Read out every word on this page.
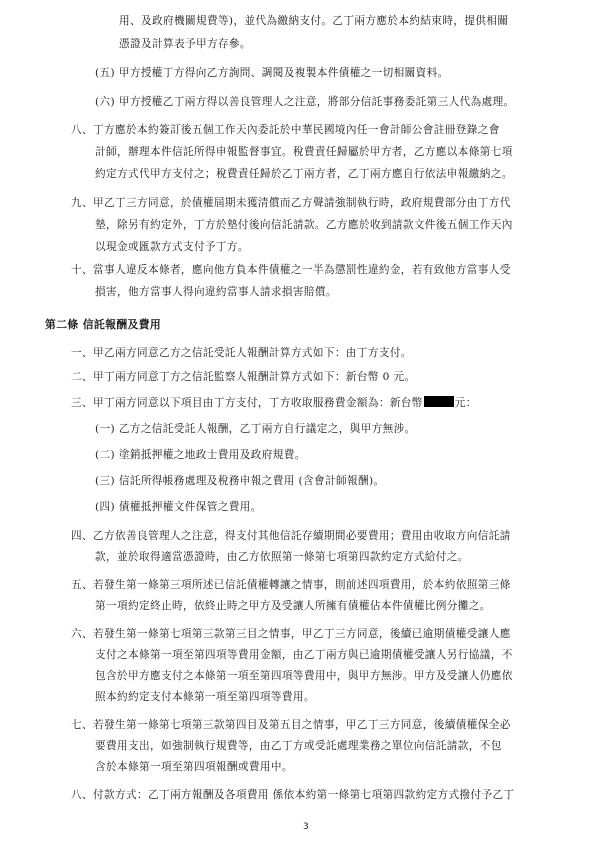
用、及政府機關規費等)，並代為繳納支付。乙丁兩方應於本約結束時，提供相關
憑證及計算表予甲方存參。
(五) 甲方授權丁方得向乙方詢問、調閱及複製本件債權之一切相關資料。
(六) 甲方授權乙丁兩方得以善良管理人之注意，將部分信託事務委託第三人代為處理。
八、丁方應於本約簽訂後五個工作天內委託於中華民國境內任一會計師公會註冊登錄之會
計師，辦理本件信託所得申報監督事宜。稅費責任歸屬於甲方者，乙方應以本條第七項
約定方式代甲方支付之；稅費責任歸於乙丁兩方者，乙丁兩方應自行依法申報繳納之。
九、甲乙丁三方同意，於債權屆期未獲清償而乙方聲請強制執行時，政府規費部分由丁方代
墊，除另有約定外，丁方於墊付後向信託請款。乙方應於收到請款文件後五個工作天內
以現金或匯款方式支付予丁方。
十、當事人違反本條者，應向他方負本件債權之一半為懲罰性違約金，若有致他方當事人受
損害，他方當事人得向違約當事人請求損害賠償。
第二條 信託報酬及費用
一、甲乙兩方同意乙方之信託受託人報酬計算方式如下：由丁方支付。
二、甲丁兩方同意丁方之信託監察人報酬計算方式如下：新台幣 0 元。
三、甲丁兩方同意以下項目由丁方支付，丁方收取服務費金額為：新台幣	元：
(一) 乙方之信託受託人報酬，乙丁兩方自行議定之，與甲方無涉。
(二) 塗銷抵押權之地政士費用及政府規費。
(三) 信託所得帳務處理及稅務申報之費用 (含會計師報酬)。
(四) 債權抵押權文件保管之費用。
四、乙方依善良管理人之注意，得支付其他信託存續期間必要費用；費用由收取方向信託請
款，並於取得適當憑證時，由乙方依照第一條第七項第四款約定方式給付之。
五、若發生第一條第三項所述已信託債權轉讓之情事，則前述四項費用，於本約依照第三條
第一項約定終止時，依終止時之甲方及受讓人所擁有債權佔本件債權比例分攤之。
六、若發生第一條第七項第三款第三目之情事，甲乙丁三方同意，後續已逾期債權受讓人應
支付之本條第一項至第四項等費用金額，由乙丁兩方與已逾期債權受讓人另行協議，不
包含於甲方應支付之本條第一項至第四項等費用中，與甲方無涉。甲方及受讓人仍應依
照本約約定支付本條第一項至第四項等費用。
七、若發生第一條第七項第三款第四目及第五目之情事，甲乙丁三方同意，後續債權保全必
要費用支出，如強制執行規費等，由乙丁方或受託處理業務之單位向信託請款，不包
含於本條第一項至第四項報酬或費用中。
八、付款方式：乙丁兩方報酬及各項費用 係依本約第一條第七項第四款約定方式撥付予乙丁
3
